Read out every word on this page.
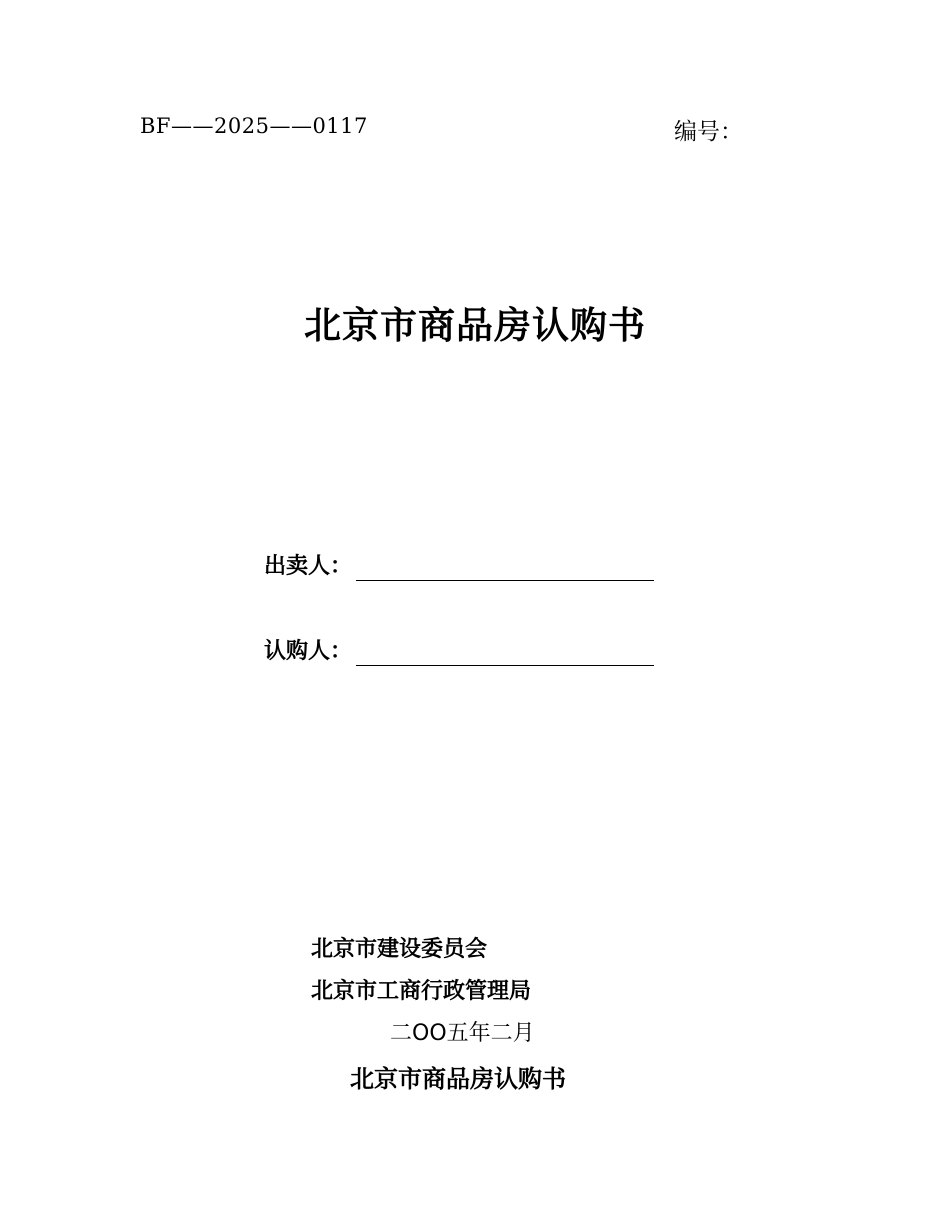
BF——2025——0117	编号：
北京市商品房认购书
出卖人：
认购人：
北京市建设委员会
北京市工商行政管理局
二OO五年二月
北京市商品房认购书
